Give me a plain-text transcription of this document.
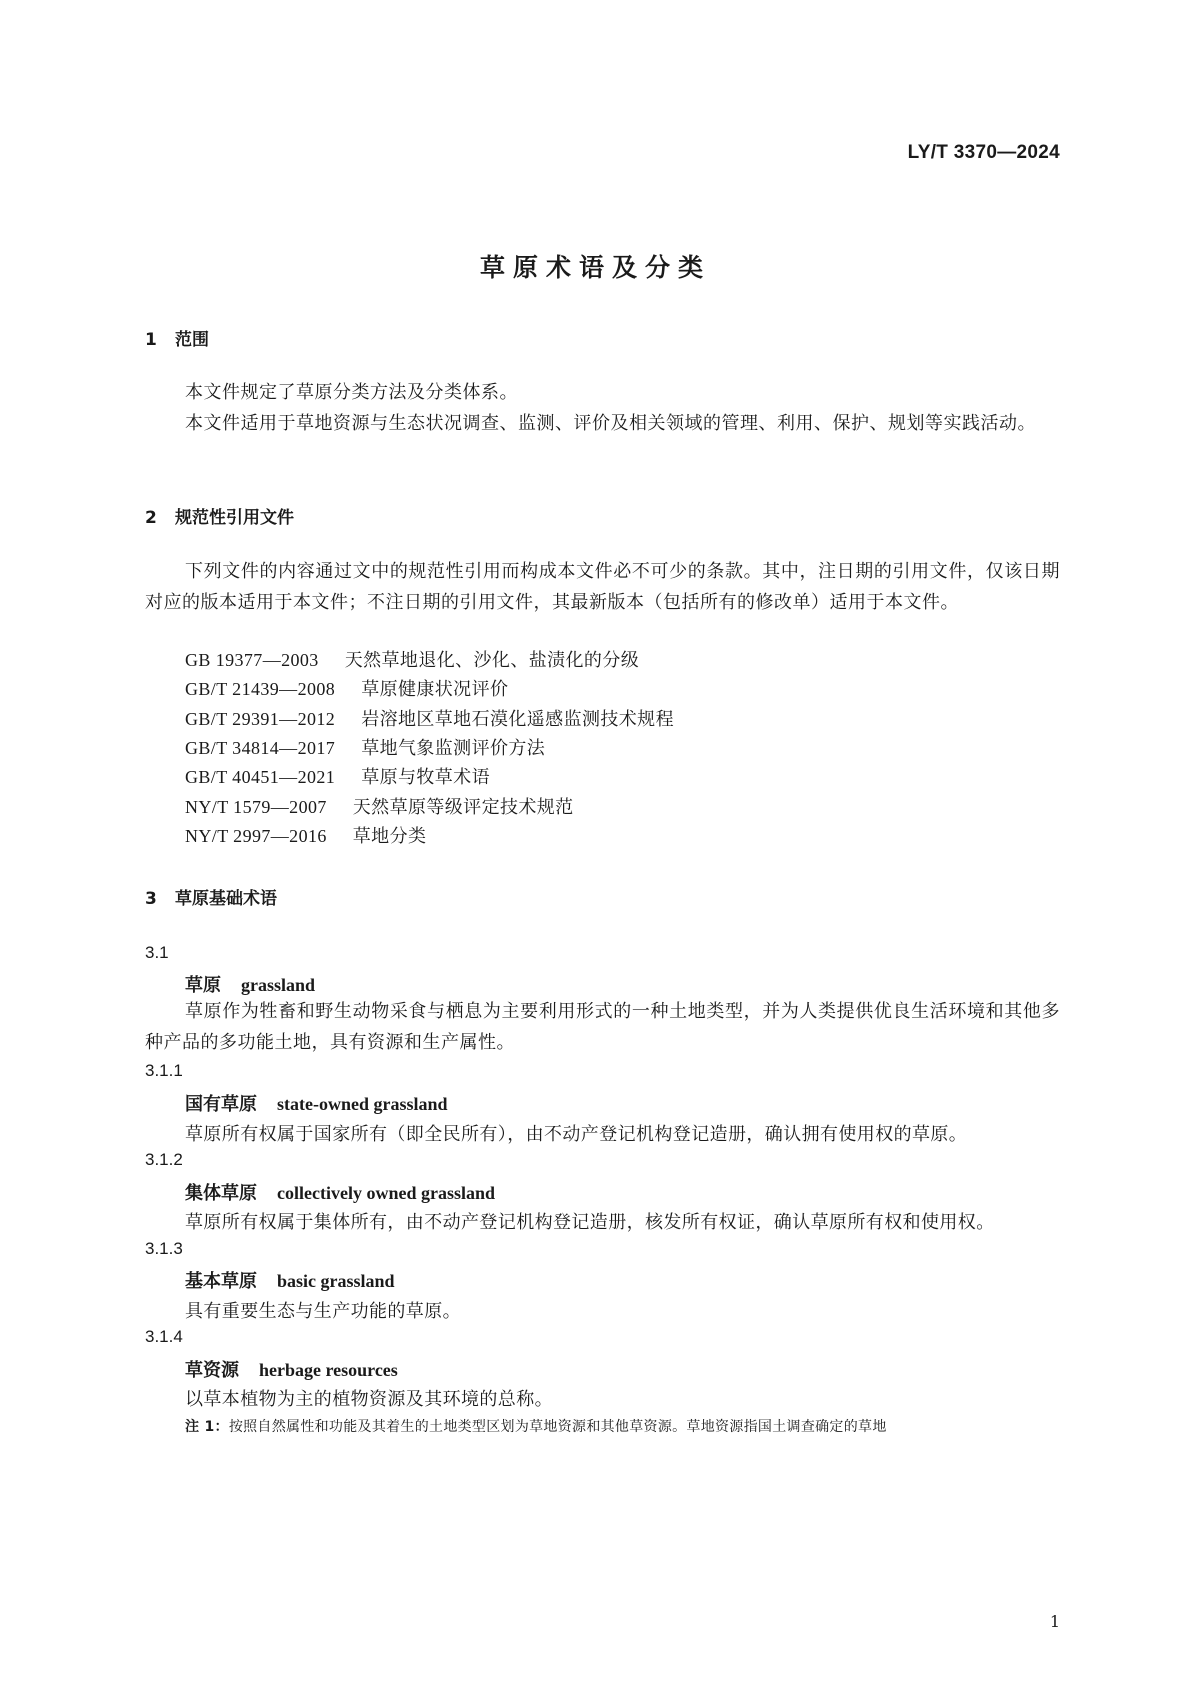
LY/T 3370—2024
草原术语及分类
1 范围
本文件规定了草原分类方法及分类体系。
本文件适用于草地资源与生态状况调查、监测、评价及相关领域的管理、利用、保护、规划等实践活动。
2 规范性引用文件
下列文件的内容通过文中的规范性引用而构成本文件必不可少的条款。其中，注日期的引用文件，仅该日期对应的版本适用于本文件；不注日期的引用文件，其最新版本（包括所有的修改单）适用于本文件。
GB 19377—2003 天然草地退化、沙化、盐渍化的分级
GB/T 21439—2008 草原健康状况评价
GB/T 29391—2012 岩溶地区草地石漠化遥感监测技术规程
GB/T 34814—2017 草地气象监测评价方法
GB/T 40451—2021 草原与牧草术语
NY/T 1579—2007 天然草原等级评定技术规范
NY/T 2997—2016 草地分类
3 草原基础术语
3.1
草原 grassland
草原作为牲畜和野生动物采食与栖息为主要利用形式的一种土地类型，并为人类提供优良生活环境和其他多种产品的多功能土地，具有资源和生产属性。
3.1.1
国有草原 state-owned grassland
草原所有权属于国家所有（即全民所有），由不动产登记机构登记造册，确认拥有使用权的草原。
3.1.2
集体草原 collectively owned grassland
草原所有权属于集体所有，由不动产登记机构登记造册，核发所有权证，确认草原所有权和使用权。
3.1.3
基本草原 basic grassland
具有重要生态与生产功能的草原。
3.1.4
草资源 herbage resources
以草本植物为主的植物资源及其环境的总称。
注 1：按照自然属性和功能及其着生的土地类型区划为草地资源和其他草资源。草地资源指国土调查确定的草地
1
